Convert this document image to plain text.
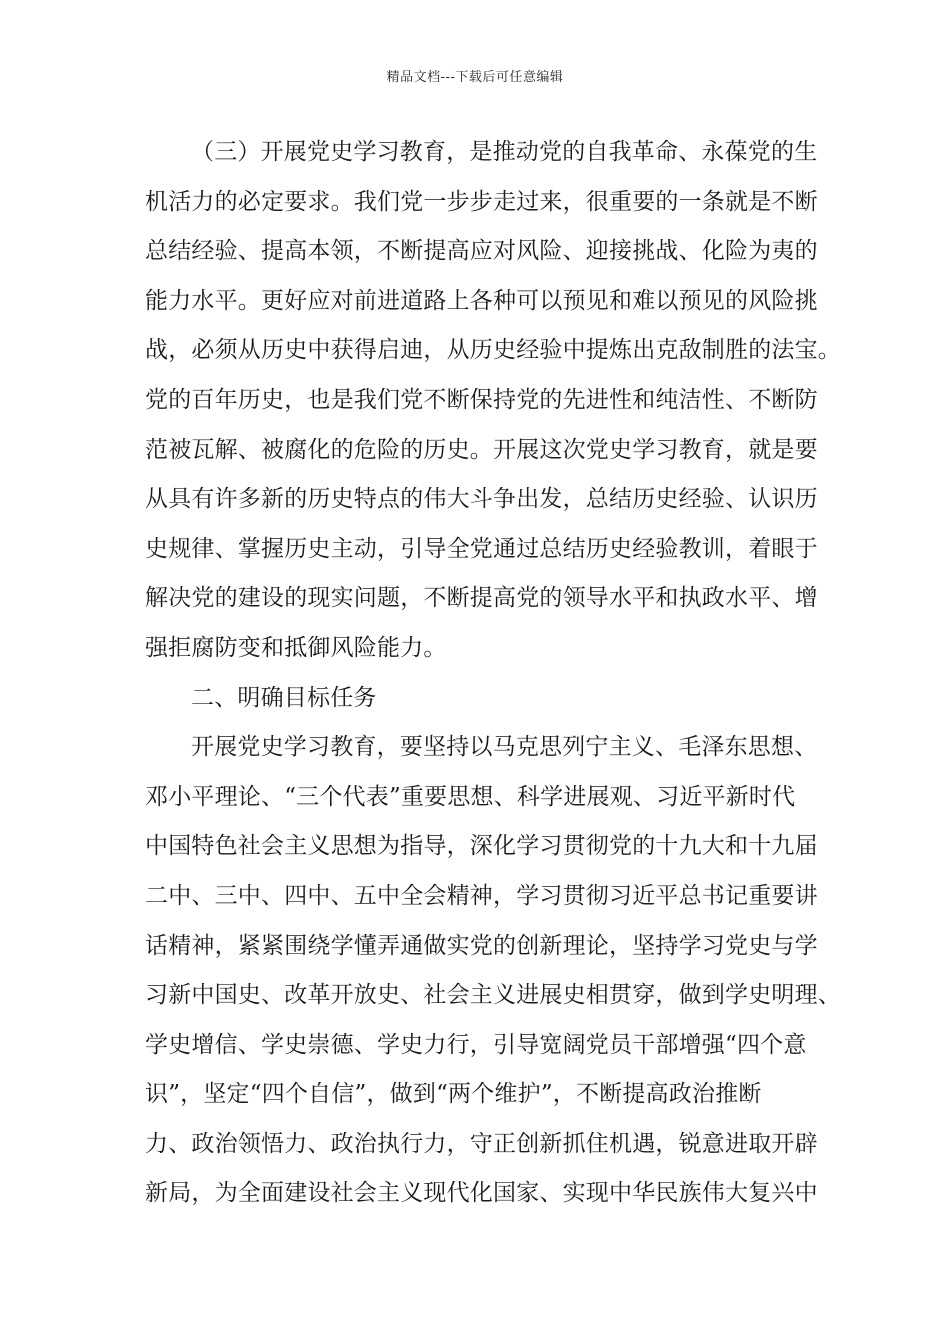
精品文档---下载后可任意编辑
（三）开展党史学习教育，是推动党的自我革命、永葆党的生
机活力的必定要求。我们党一步步走过来，很重要的一条就是不断
总结经验、提高本领，不断提高应对风险、迎接挑战、化险为夷的
能力水平。更好应对前进道路上各种可以预见和难以预见的风险挑
战，必须从历史中获得启迪，从历史经验中提炼出克敌制胜的法宝。
党的百年历史，也是我们党不断保持党的先进性和纯洁性、不断防
范被瓦解、被腐化的危险的历史。开展这次党史学习教育，就是要
从具有许多新的历史特点的伟大斗争出发，总结历史经验、认识历
史规律、掌握历史主动，引导全党通过总结历史经验教训，着眼于
解决党的建设的现实问题，不断提高党的领导水平和执政水平、增
强拒腐防变和抵御风险能力。
二、明确目标任务
开展党史学习教育，要坚持以马克思列宁主义、毛泽东思想、
邓小平理论、“三个代表”重要思想、科学进展观、习近平新时代
中国特色社会主义思想为指导，深化学习贯彻党的十九大和十九届
二中、三中、四中、五中全会精神，学习贯彻习近平总书记重要讲
话精神，紧紧围绕学懂弄通做实党的创新理论，坚持学习党史与学
习新中国史、改革开放史、社会主义进展史相贯穿，做到学史明理、
学史增信、学史崇德、学史力行，引导宽阔党员干部增强“四个意
识”，坚定“四个自信”，做到“两个维护”，不断提高政治推断
力、政治领悟力、政治执行力，守正创新抓住机遇，锐意进取开辟
新局，为全面建设社会主义现代化国家、实现中华民族伟大复兴中
